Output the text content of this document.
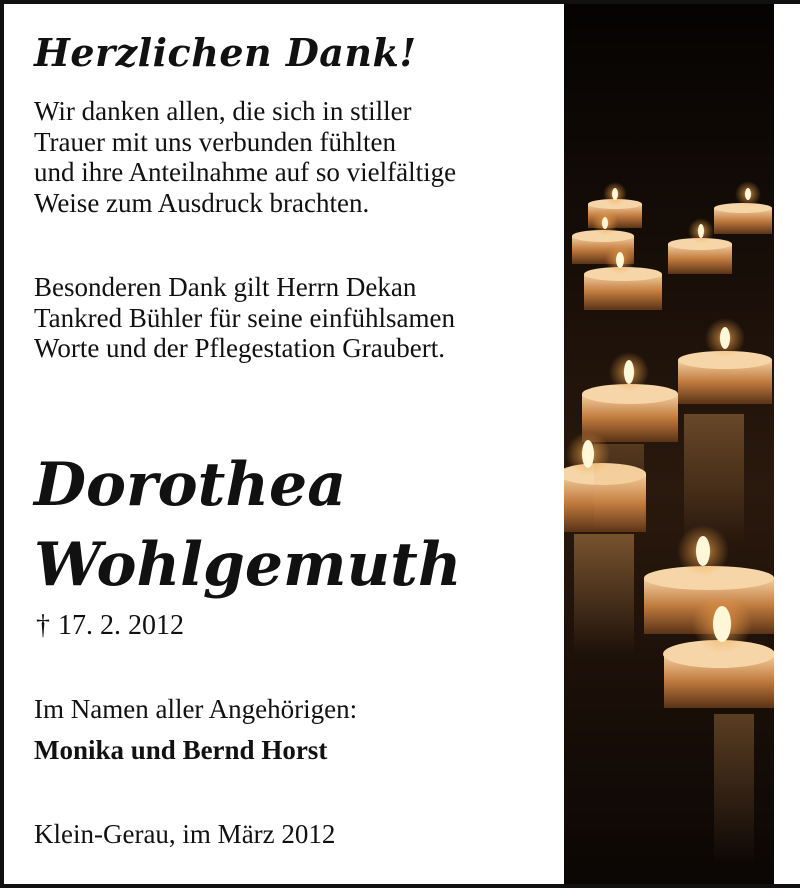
Herzlichen Dank!

Wir danken allen, die sich in stiller
Trauer mit uns verbunden fühlten
und ihre Anteilnahme auf so vielfältige
Weise zum Ausdruck brachten.

Besonderen Dank gilt Herrn Dekan
Tankred Bühler für seine einfühlsamen
Worte und der Pflegestation Graubert.

Dorothea

Wohlgemuth

† 17. 2. 2012

Im Namen aller Angehörigen:

Monika und Bernd Horst

Klein-Gerau, im März 2012
